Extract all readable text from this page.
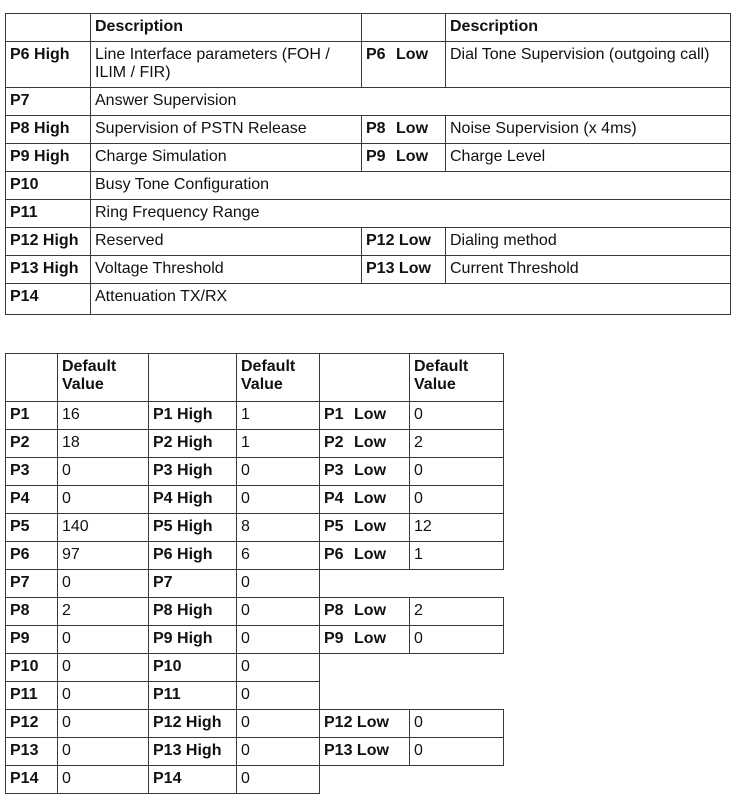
	Description		Description
P6 High	Line Interface parameters (FOH / ILIM / FIR)	P6 Low	Dial Tone Supervision (outgoing call)
P7	Answer Supervision		
P8 High	Supervision of PSTN Release	P8 Low	Noise Supervision (x 4ms)
P9 High	Charge Simulation	P9 Low	Charge Level
P10	Busy Tone Configuration		
P11	Ring Frequency Range		
P12 High	Reserved	P12 Low	Dialing method
P13 High	Voltage Threshold	P13 Low	Current Threshold
P14	Attenuation TX/RX		
	Default Value		Default Value		Default Value
P1	16	P1 High	1	P1 Low	0
P2	18	P2 High	1	P2 Low	2
P3	0	P3 High	0	P3 Low	0
P4	0	P4 High	0	P4 Low	0
P5	140	P5 High	8	P5 Low	12
P6	97	P6 High	6	P6 Low	1
P7	0	P7	0		
P8	2	P8 High	0	P8 Low	2
P9	0	P9 High	0	P9 Low	0
P10	0	P10	0		
P11	0	P11	0		
P12	0	P12 High	0	P12 Low	0
P13	0	P13 High	0	P13 Low	0
P14	0	P14	0		
